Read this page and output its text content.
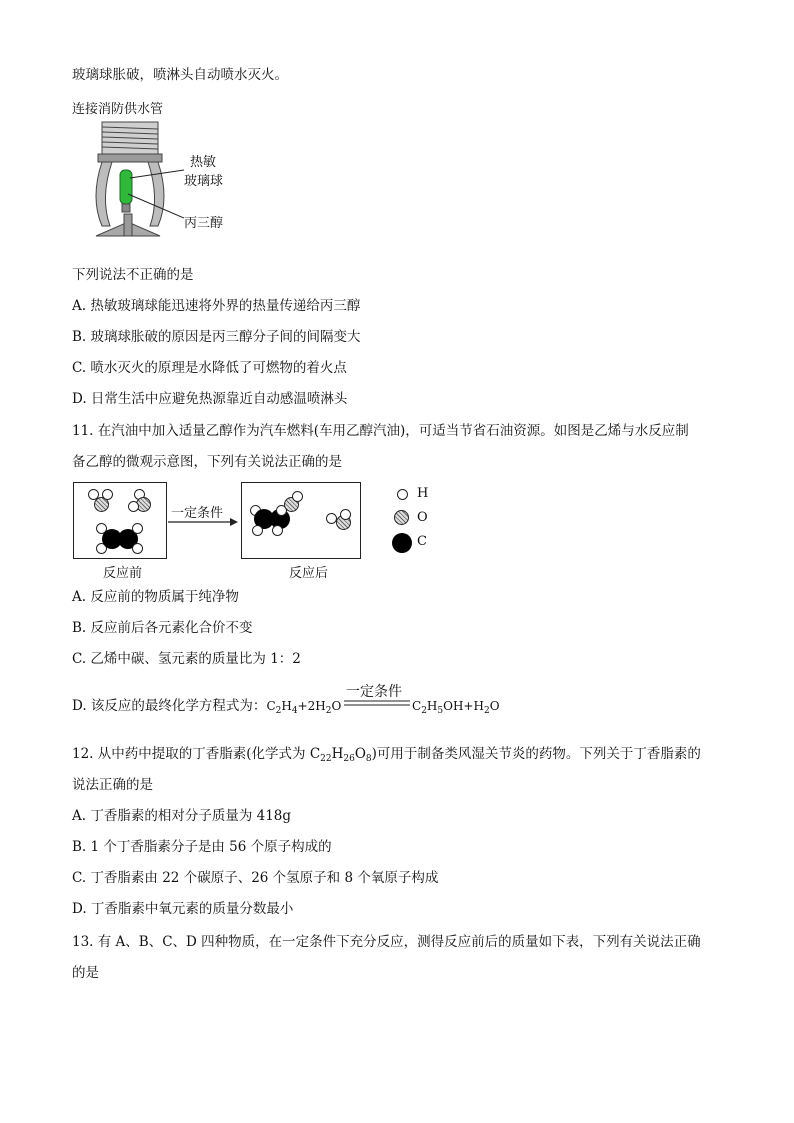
玻璃球胀破，喷淋头自动喷水灭火。
连接消防供水管
热敏
玻璃球
丙三醇
下列说法不正确的是
A. 热敏玻璃球能迅速将外界的热量传递给丙三醇
B. 玻璃球胀破的原因是丙三醇分子间的间隔变大
C. 喷水灭火的原理是水降低了可燃物的着火点
D. 日常生活中应避免热源靠近自动感温喷淋头
11. 在汽油中加入适量乙醇作为汽车燃料(车用乙醇汽油)，可适当节省石油资源。如图是乙烯与水反应制
备乙醇的微观示意图，下列有关说法正确的是
反应前
一定条件
反应后
H
O
C
A. 反应前的物质属于纯净物
B. 反应前后各元素化合价不变
C. 乙烯中碳、氢元素的质量比为 1：2
D. 该反应的最终化学方程式为：$C_2H_4+2H_2O$
一定条件
$C_2H_5OH+H_2O$
12. 从中药中提取的丁香脂素(化学式为 $C_{22}H_{26}O_8$)可用于制备类风湿关节炎的药物。下列关于丁香脂素的
说法正确的是
A. 丁香脂素的相对分子质量为 418g
B. 1 个丁香脂素分子是由 56 个原子构成的
C. 丁香脂素由 22 个碳原子、26 个氢原子和 8 个氧原子构成
D. 丁香脂素中氧元素的质量分数最小
13. 有 A、B、C、D 四种物质，在一定条件下充分反应，测得反应前后的质量如下表，下列有关说法正确
的是
